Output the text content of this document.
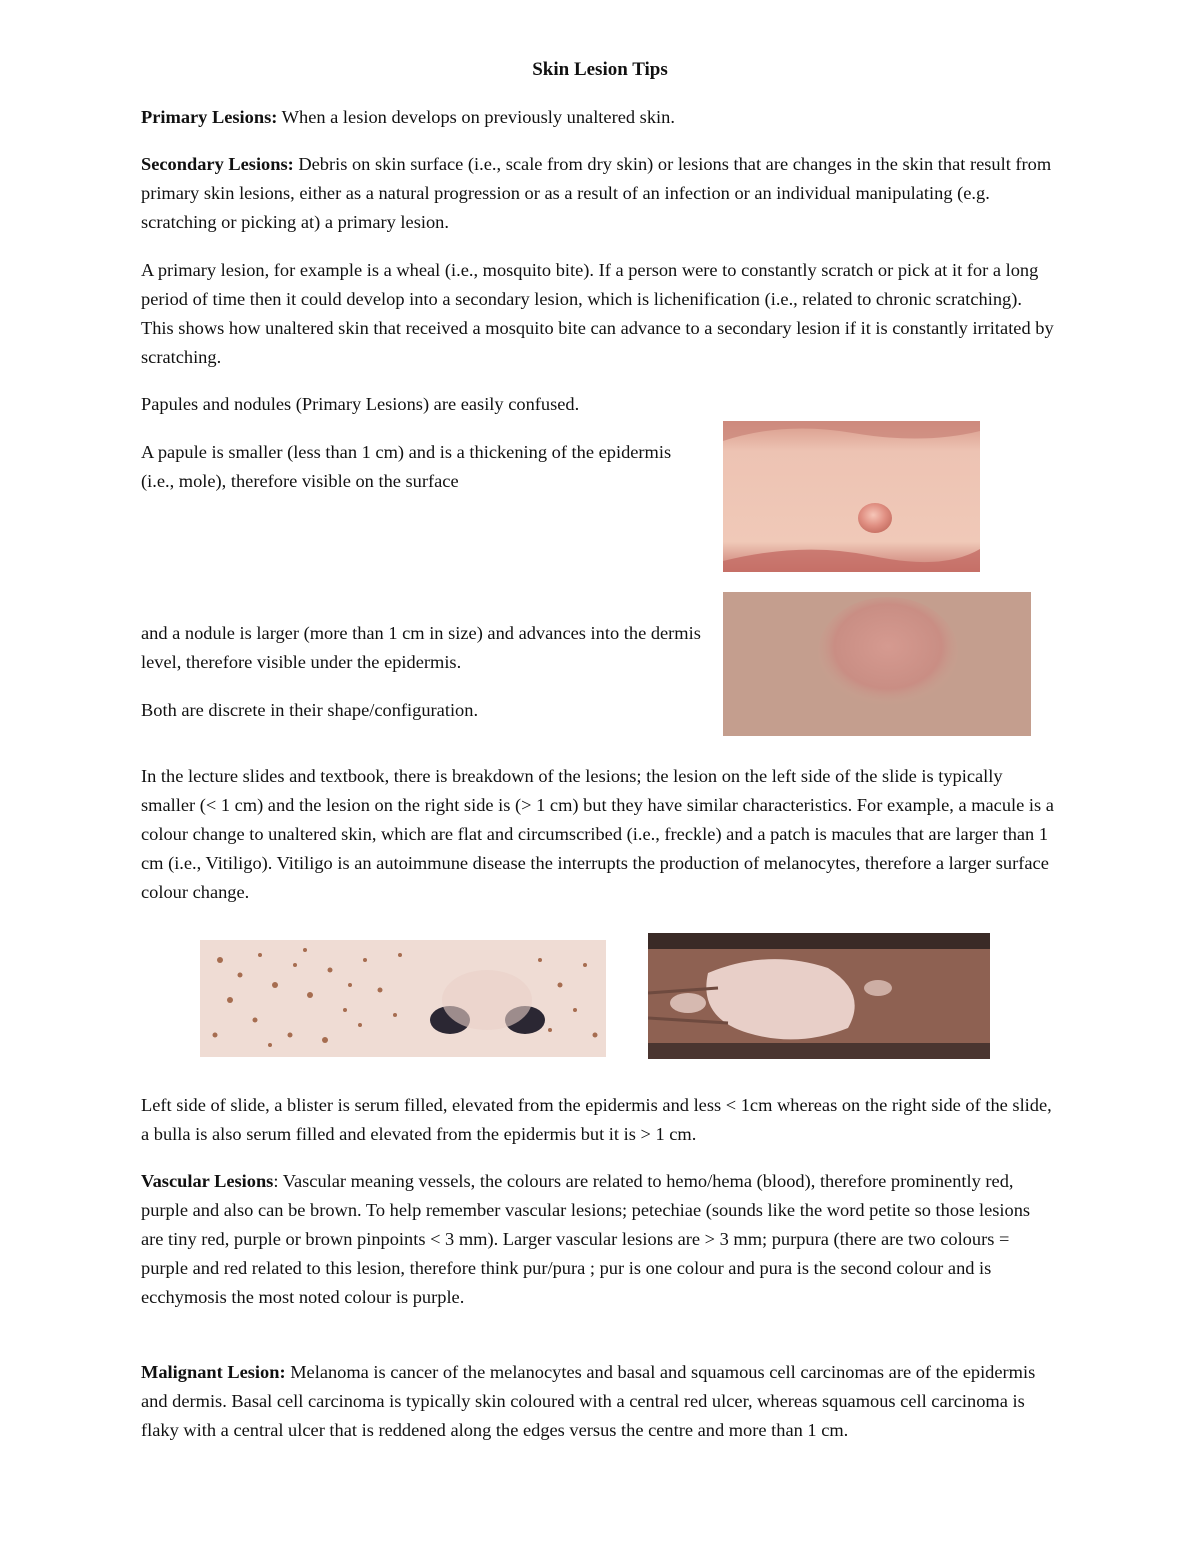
Skin Lesion Tips

Primary Lesions: When a lesion develops on previously unaltered skin.

Secondary Lesions: Debris on skin surface (i.e., scale from dry skin) or lesions that are changes in the skin that result from primary skin lesions, either as a natural progression or as a result of an infection or an individual manipulating (e.g. scratching or picking at) a primary lesion.

A primary lesion, for example is a wheal (i.e., mosquito bite). If a person were to constantly scratch or pick at it for a long period of time then it could develop into a secondary lesion, which is lichenification (i.e., related to chronic scratching). This shows how unaltered skin that received a mosquito bite can advance to a secondary lesion if it is constantly irritated by scratching.

Papules and nodules (Primary Lesions) are easily confused.

A papule is smaller (less than 1 cm) and is a thickening of the epidermis (i.e., mole), therefore visible on the surface

and a nodule is larger (more than 1 cm in size) and advances into the dermis level, therefore visible under the epidermis.

Both are discrete in their shape/configuration.

In the lecture slides and textbook, there is breakdown of the lesions; the lesion on the left side of the slide is typically smaller (< 1 cm) and the lesion on the right side is (> 1 cm) but they have similar characteristics. For example, a macule is a colour change to unaltered skin, which are flat and circumscribed (i.e., freckle) and a patch is macules that are larger than 1 cm (i.e., Vitiligo). Vitiligo is an autoimmune disease the interrupts the production of melanocytes, therefore a larger surface colour change.

Left side of slide, a blister is serum filled, elevated from the epidermis and less < 1cm whereas on the right side of the slide, a bulla is also serum filled and elevated from the epidermis but it is > 1 cm.

Vascular Lesions: Vascular meaning vessels, the colours are related to hemo/hema (blood), therefore prominently red, purple and also can be brown. To help remember vascular lesions; petechiae (sounds like the word petite so those lesions are tiny red, purple or brown pinpoints < 3 mm). Larger vascular lesions are > 3 mm; purpura (there are two colours = purple and red related to this lesion, therefore think pur/pura ; pur is one colour and pura is the second colour and is ecchymosis the most noted colour is purple.

Malignant Lesion: Melanoma is cancer of the melanocytes and basal and squamous cell carcinomas are of the epidermis and dermis. Basal cell carcinoma is typically skin coloured with a central red ulcer, whereas squamous cell carcinoma is flaky with a central ulcer that is reddened along the edges versus the centre and more than 1 cm.
